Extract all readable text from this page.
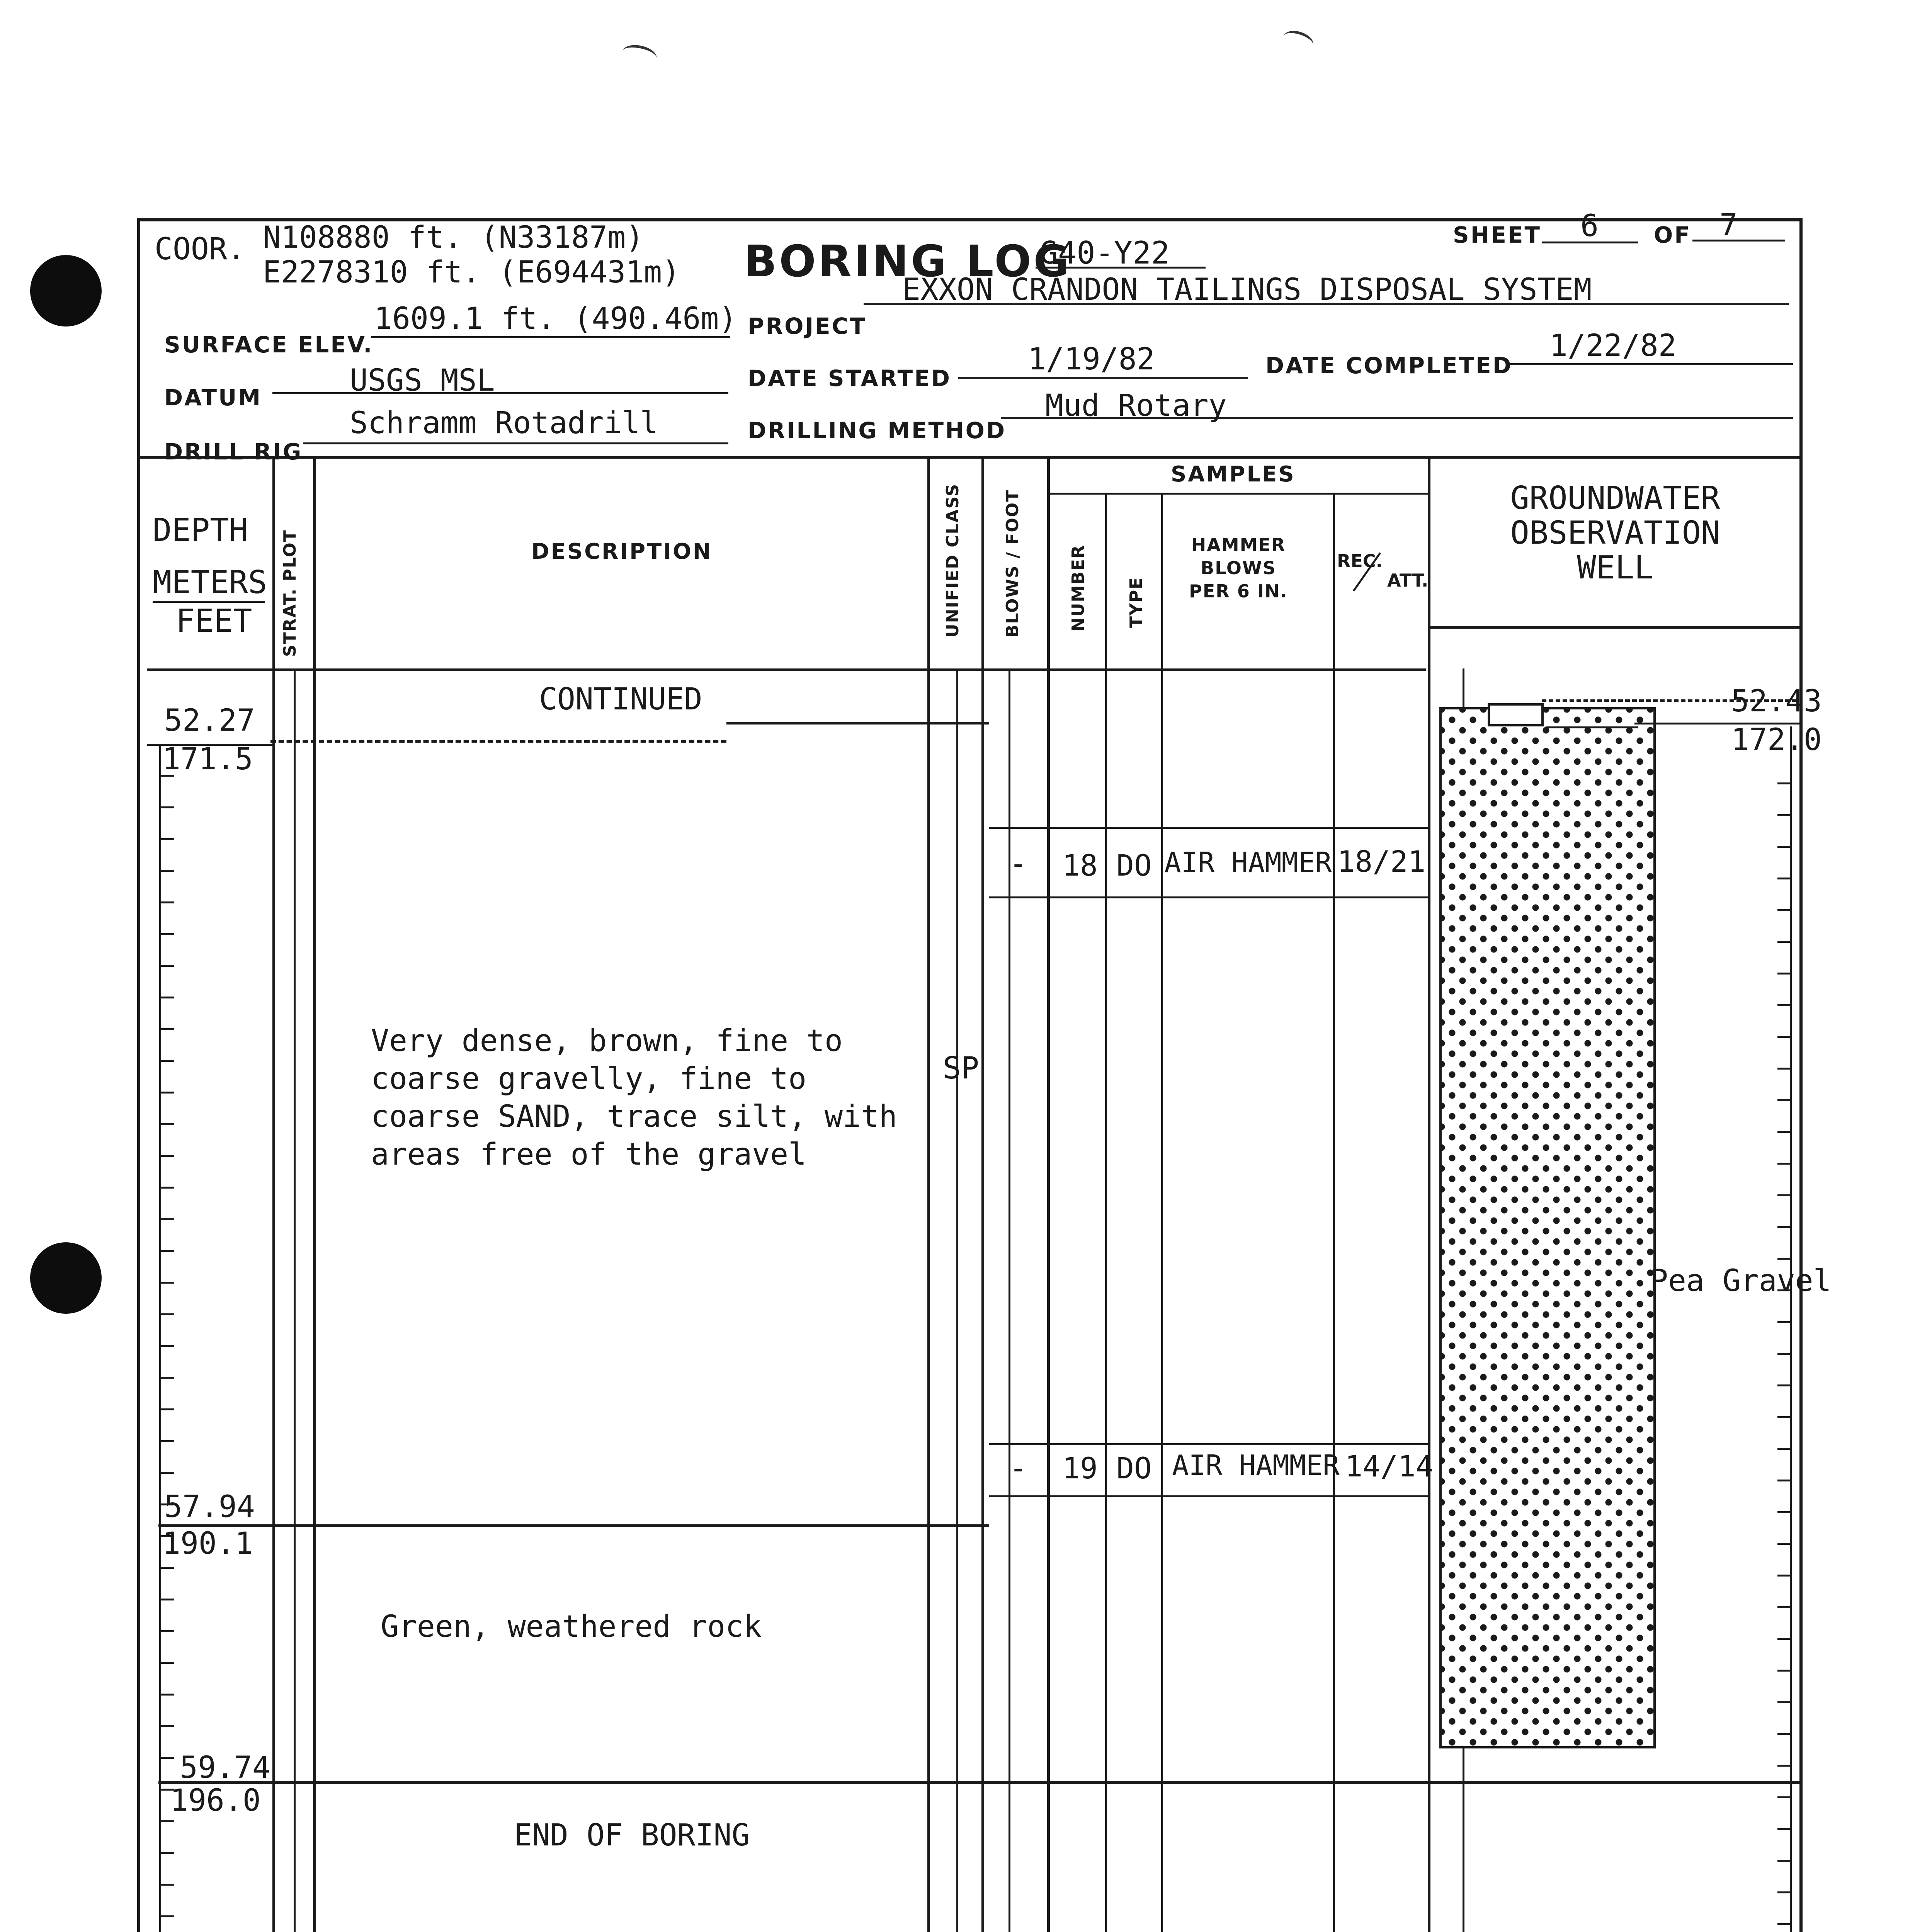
COOR. N108880 ft. (N33187m)
E2278310 ft. (E694431m) BORING LOG
G40-Y22	SHEET 6 OF 7
SURFACE ELEV.
1609.1 ft. (490.46m) PROJECT
EXXON CRANDON TAILINGS DISPOSAL SYSTEM
DATUM	USGS MSL	DATE STARTED
1/19/82	DATE COMPLETED
1/22/82
DRILL RIG
Schramm Rotadrill	DRILLING METHOD
Mud Rotary
DEPTH
METERS
FEET STRAT. PLOT	DESCRIPTION	UNIFIED CLASS BLOWS / FOOT
SAMPLES
NUMBER TYPE
HAMMER
BLOWS
PER 6 IN.
REC.
ATT.
GROUNDWATER
OBSERVATION
WELL
CONTINUED
52.27
171.5
Very dense, brown, fine to
coarse gravelly, fine to
coarse SAND, trace silt, with
areas free of the gravel
SP
-	18 DO AIR HAMMER 18/21
-	19 DO AIR HAMMER 14/14
57.94
190.1
Green, weathered rock
59.74
196.0
END OF BORING
52.43
172.0
Pea Gravel
